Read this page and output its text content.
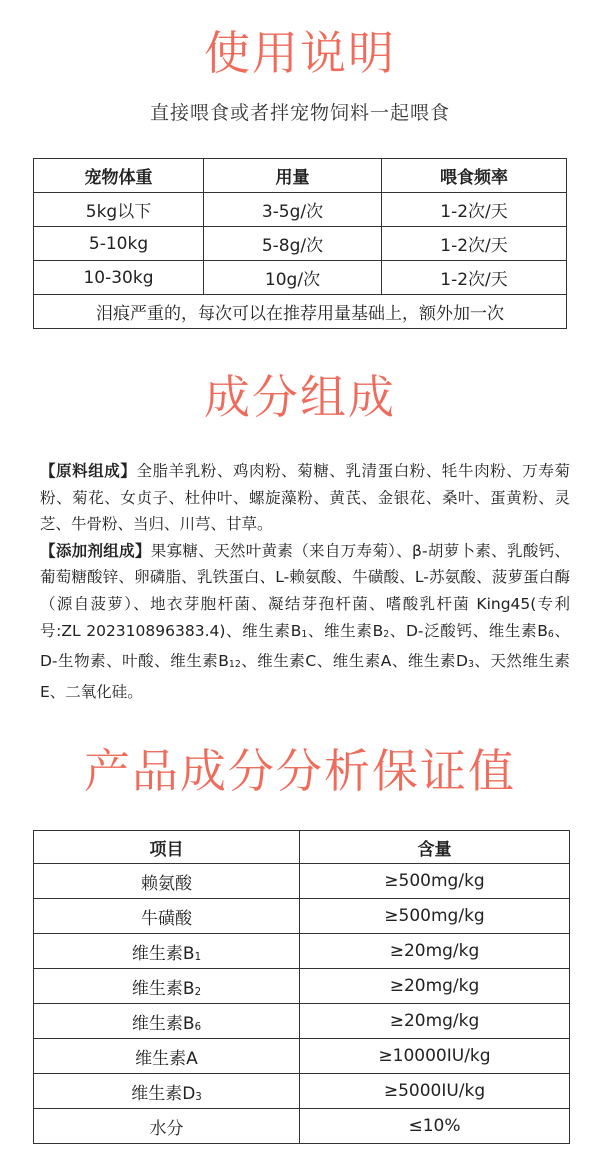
使用说明
直接喂食或者拌宠物饲料一起喂食
宠物体重	用量	喂食频率
5kg以下	3-5g/次	1-2次/天
5-10kg	5-8g/次	1-2次/天
10-30kg	10g/次	1-2次/天
泪痕严重的，每次可以在推荐用量基础上，额外加一次		
成分组成

【原料组成】全脂羊乳粉、鸡肉粉、菊糖、乳清蛋白粉、牦牛肉粉、万寿菊粉、菊花、女贞子、杜仲叶、螺旋藻粉、黄芪、金银花、桑叶、蛋黄粉、灵芝、牛骨粉、当归、川芎、甘草。

【添加剂组成】果寡糖、天然叶黄素（来自万寿菊）、β-胡萝卜素、乳酸钙、葡萄糖酸锌、卵磷脂、乳铁蛋白、L-赖氨酸、牛磺酸、L-苏氨酸、菠萝蛋白酶（源自菠萝）、地衣芽胞杆菌、凝结芽孢杆菌、嗜酸乳杆菌 King45(专利号:ZL 202310896383.4)、维生素$B_1$、维生素$B_2$、D-泛酸钙、维生素$B_6$、D-生物素、叶酸、维生素$B_{12}$、维生素C、维生素A、维生素$D_3$、天然维生素E、二氧化硅。

产品成分分析保证值
项目	含量
赖氨酸	≥500mg/kg
牛磺酸	≥500mg/kg
维生素$B_1$	≥20mg/kg
维生素$B_2$	≥20mg/kg
维生素$B_6$	≥20mg/kg
维生素A	≥10000IU/kg
维生素$D_3$	≥5000IU/kg
水分	≤10%
